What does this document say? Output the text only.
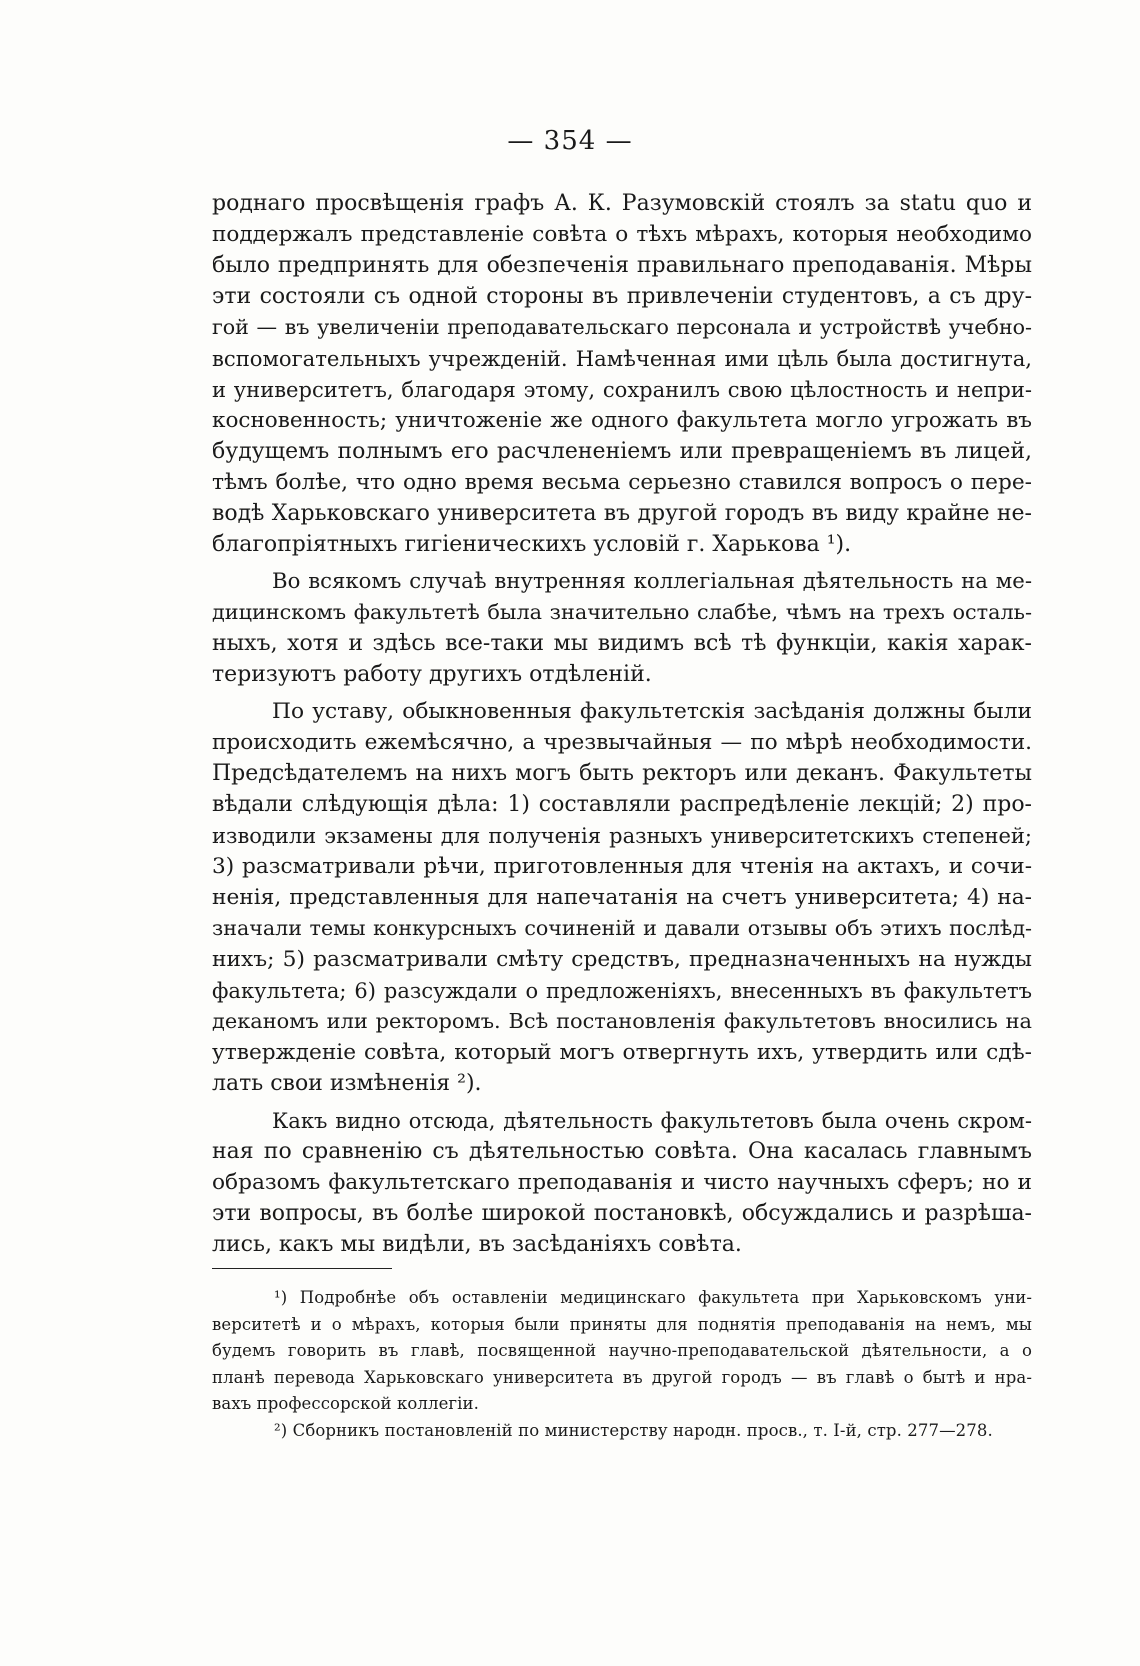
— 354 —
роднаго просвѣщенія графъ А. К. Разумовскій стоялъ за statu quo и
поддержалъ представленіе совѣта о тѣхъ мѣрахъ, которыя необходимо
было предпринять для обезпеченія правильнаго преподаванія. Мѣры
эти состояли съ одной стороны въ привлеченіи студентовъ, а съ дру-
гой — въ увеличеніи преподавательскаго персонала и устройствѣ учебно-
вспомогательныхъ учрежденій. Намѣченная ими цѣль была достигнута,
и университетъ, благодаря этому, сохранилъ свою цѣлостность и непри-
косновенность; уничтоженіе же одного факультета могло угрожать въ
будущемъ полнымъ его расчлененіемъ или превращеніемъ въ лицей,
тѣмъ болѣе, что одно время весьма серьезно ставился вопросъ о пере-
водѣ Харьковскаго университета въ другой городъ въ виду крайне не-
благопріятныхъ гигіеническихъ условій г. Харькова ¹).
Во всякомъ случаѣ внутренняя коллегіальная дѣятельность на ме-
дицинскомъ факультетѣ была значительно слабѣе, чѣмъ на трехъ осталь-
ныхъ, хотя и здѣсь все-таки мы видимъ всѣ тѣ функціи, какія харак-
теризуютъ работу другихъ отдѣленій.
По уставу, обыкновенныя факультетскія засѣданія должны были
происходить ежемѣсячно, а чрезвычайныя — по мѣрѣ необходимости.
Предсѣдателемъ на нихъ могъ быть ректоръ или деканъ. Факультеты
вѣдали слѣдующія дѣла: 1) составляли распредѣленіе лекцій; 2) про-
изводили экзамены для полученія разныхъ университетскихъ степеней;
3) разсматривали рѣчи, приготовленныя для чтенія на актахъ, и сочи-
ненія, представленныя для напечатанія на счетъ университета; 4) на-
значали темы конкурсныхъ сочиненій и давали отзывы объ этихъ послѣд-
нихъ; 5) разсматривали смѣту средствъ, предназначенныхъ на нужды
факультета; 6) разсуждали о предложеніяхъ, внесенныхъ въ факультетъ
деканомъ или ректоромъ. Всѣ постановленія факультетовъ вносились на
утвержденіе совѣта, который могъ отвергнуть ихъ, утвердить или сдѣ-
лать свои измѣненія ²).
Какъ видно отсюда, дѣятельность факультетовъ была очень скром-
ная по сравненію съ дѣятельностью совѣта. Она касалась главнымъ
образомъ факультетскаго преподаванія и чисто научныхъ сферъ; но и
эти вопросы, въ болѣе широкой постановкѣ, обсуждались и разрѣша-
лись, какъ мы видѣли, въ засѣданіяхъ совѣта.
¹) Подробнѣе объ оставленіи медицинскаго факультета при Харьковскомъ уни-
верситетѣ и о мѣрахъ, которыя были приняты для поднятія преподаванія на немъ, мы
будемъ говорить въ главѣ, посвященной научно-преподавательской дѣятельности, а о
планѣ перевода Харьковскаго университета въ другой городъ — въ главѣ о бытѣ и нра-
вахъ профессорской коллегіи.
²) Сборникъ постановленій по министерству народн. просв., т. I-й, стр. 277—278.
